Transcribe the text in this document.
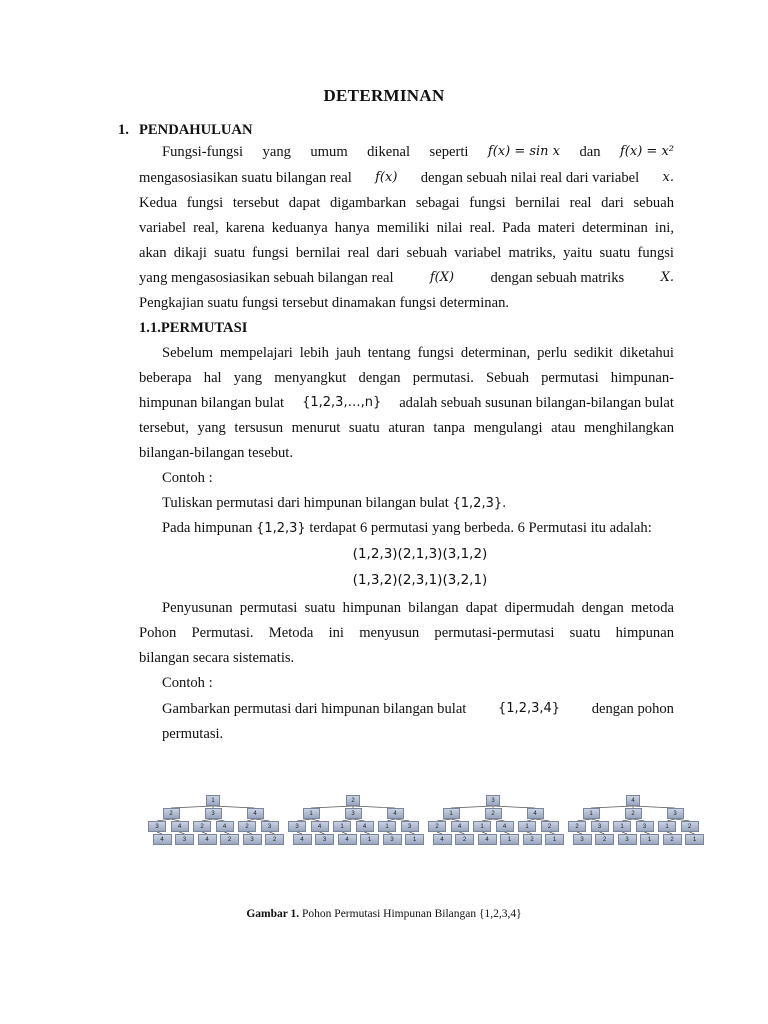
DETERMINAN
1. PENDAHULUAN
Fungsi-fungsi yang umum dikenal seperti f(x) = sin x dan f(x) = x²
mengasosiasikan suatu bilangan real f(x) dengan sebuah nilai real dari variabel x.
Kedua fungsi tersebut dapat digambarkan sebagai fungsi bernilai real dari sebuah
variabel real, karena keduanya hanya memiliki nilai real. Pada materi determinan ini,
akan dikaji suatu fungsi bernilai real dari sebuah variabel matriks, yaitu suatu fungsi
yang mengasosiasikan sebuah bilangan real	f(X) dengan sebuah matriks	X.
Pengkajian suatu fungsi tersebut dinamakan fungsi determinan.
1.1.PERMUTASI
Sebelum mempelajari lebih jauh tentang fungsi determinan, perlu sedikit diketahui
beberapa hal yang menyangkut dengan permutasi. Sebuah permutasi himpunan-
himpunan bilangan bulat {1,2,3,…,n} adalah sebuah susunan bilangan-bilangan bulat
tersebut, yang tersusun menurut suatu aturan tanpa mengulangi atau menghilangkan
bilangan-bilangan tesebut.
Contoh :
Tuliskan permutasi dari himpunan bilangan bulat {1,2,3}.
Pada himpunan {1,2,3} terdapat 6 permutasi yang berbeda. 6 Permutasi itu adalah:
(1,2,3)(2,1,3)(3,1,2)
(1,3,2)(2,3,1)(3,2,1)
Penyusunan permutasi suatu himpunan bilangan dapat dipermudah dengan metoda
Pohon Permutasi. Metoda ini menyusun permutasi-permutasi suatu himpunan
bilangan secara sistematis.
Contoh :
Gambarkan permutasi dari himpunan bilangan bulat {1,2,3,4} dengan pohon
permutasi.
1
2	3	4
3	4	2	4	2	3
4	3	4	2	3	2
2
1	3	4
3	4	1	4	1	3
4	3	4	1	3	1
3
1	2	4
2	4	1	4	1	2
4	2	4	1	2	1
4
1	2	3
2	3	1	3	1	2
3	2	3	1	2	1
Gambar 1. Pohon Permutasi Himpunan Bilangan {1,2,3,4}
